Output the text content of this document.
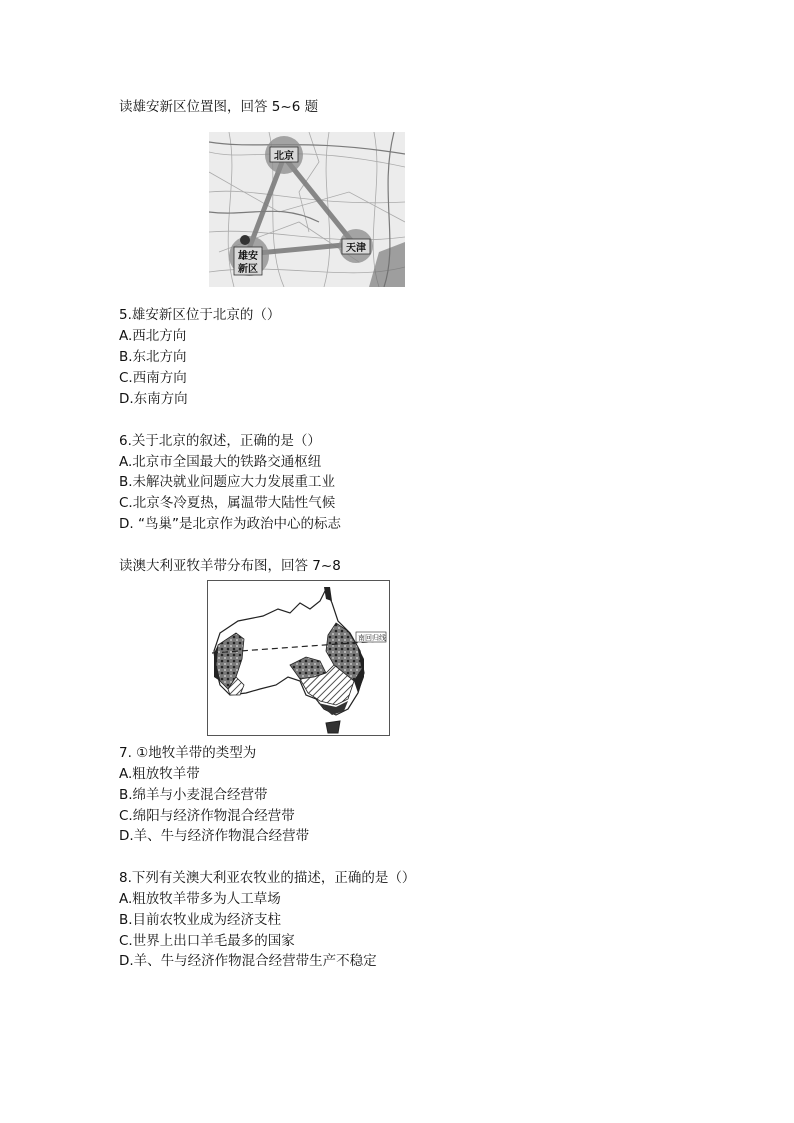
读雄安新区位置图，回答 5~6 题
北京
天津
雄安
新区
5.雄安新区位于北京的（）
A.西北方向
B.东北方向
C.西南方向
D.东南方向
6.关于北京的叙述，正确的是（）
A.北京市全国最大的铁路交通枢纽
B.未解决就业问题应大力发展重工业
C.北京冬冷夏热，属温带大陆性气候
D. “鸟巢”是北京作为政治中心的标志
读澳大利亚牧羊带分布图，回答 7~8
南回归线
7. ①地牧羊带的类型为
A.粗放牧羊带
B.绵羊与小麦混合经营带
C.绵阳与经济作物混合经营带
D.羊、牛与经济作物混合经营带
8.下列有关澳大利亚农牧业的描述，正确的是（）
A.粗放牧羊带多为人工草场
B.目前农牧业成为经济支柱
C.世界上出口羊毛最多的国家
D.羊、牛与经济作物混合经营带生产不稳定
